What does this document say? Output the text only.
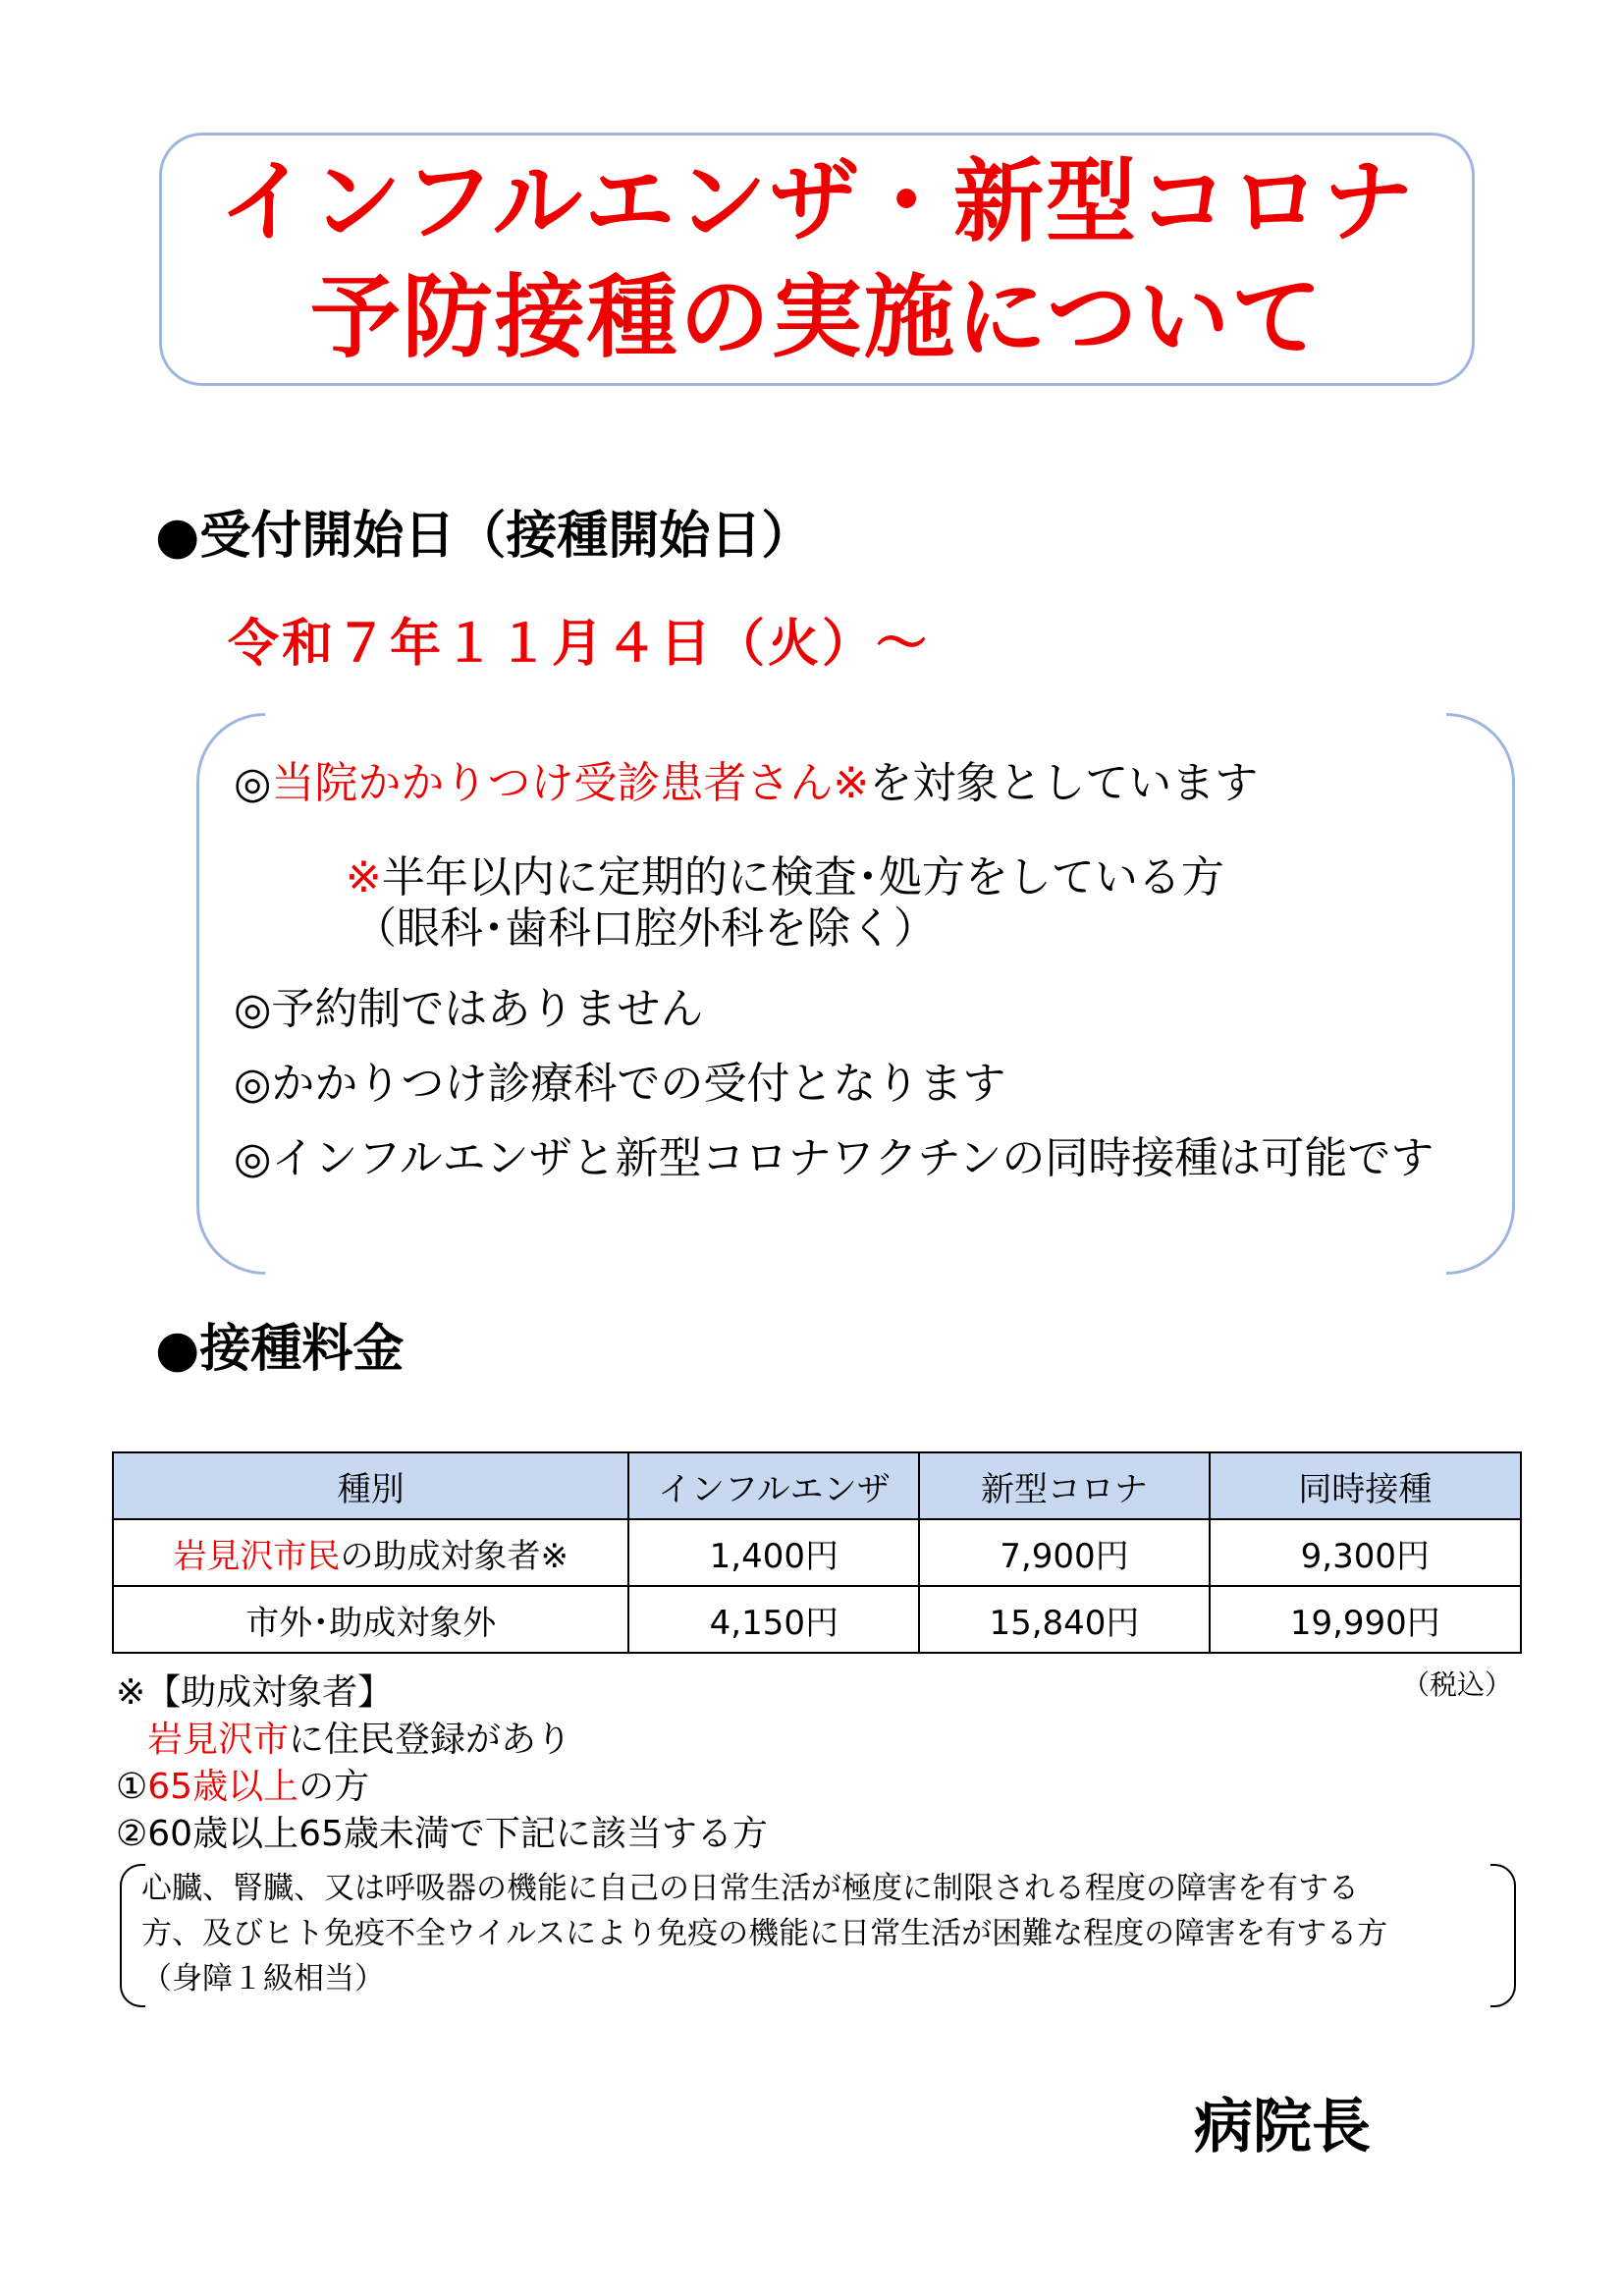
インフルエンザ・新型コロナ
予防接種の実施について
●受付開始日（接種開始日）
令和７年１１月４日（火）～
◎当院かかりつけ受診患者さん※を対象としています
※半年以内に定期的に検査･処方をしている方
（眼科･歯科口腔外科を除く）
◎予約制ではありません
◎かかりつけ診療科での受付となります
◎インフルエンザと新型コロナワクチンの同時接種は可能です
●接種料金
種別	インフルエンザ	新型コロナ	同時接種
岩見沢市民の助成対象者※	1,400円	7,900円	9,300円
市外･助成対象外	4,150円	15,840円	19,990円
（税込）
※【助成対象者】
岩見沢市に住民登録があり
①65歳以上の方
②60歳以上65歳未満で下記に該当する方
心臓、腎臓、又は呼吸器の機能に自己の日常生活が極度に制限される程度の障害を有する
方、及びヒト免疫不全ウイルスにより免疫の機能に日常生活が困難な程度の障害を有する方
（身障１級相当）
病院長
